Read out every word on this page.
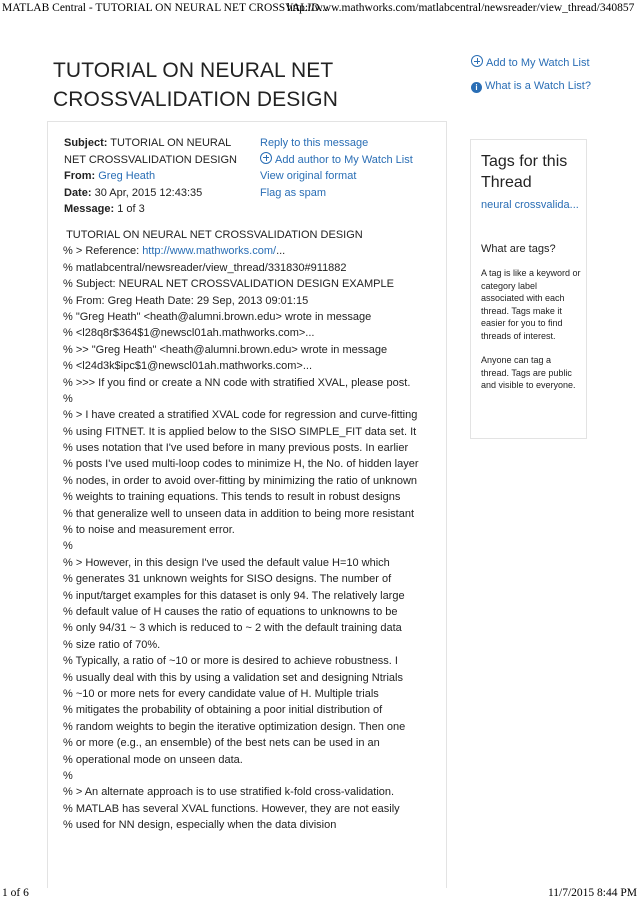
MATLAB Central - TUTORIAL ON NEURAL NET CROSSVALID...
http://www.mathworks.com/matlabcentral/newsreader/view_thread/340857
TUTORIAL ON NEURAL NET CROSSVALIDATION DESIGN
Subject: TUTORIAL ON NEURAL NET CROSSVALIDATION DESIGN
From: Greg Heath
Date: 30 Apr, 2015 12:43:35
Message: 1 of 3
Reply to this message
Add author to My Watch List
View original format
Flag as spam
TUTORIAL ON NEURAL NET CROSSVALIDATION DESIGN
% > Reference: http://www.mathworks.com/...
% matlabcentral/newsreader/view_thread/331830#911882
% Subject: NEURAL NET CROSSVALIDATION DESIGN EXAMPLE
% From: Greg Heath Date: 29 Sep, 2013 09:01:15
% "Greg Heath" <heath@alumni.brown.edu> wrote in message
% <l28q8r$364$1@newscl01ah.mathworks.com>...
% >> "Greg Heath" <heath@alumni.brown.edu> wrote in message
% <l24d3k$ipc$1@newscl01ah.mathworks.com>...
% >>> If you find or create a NN code with stratified XVAL, please post.
%
% > I have created a stratified XVAL code for regression and curve-fitting
% using FITNET. It is applied below to the SISO SIMPLE_FIT data set. It
% uses notation that I've used before in many previous posts. In earlier
% posts I've used multi-loop codes to minimize H, the No. of hidden layer
% nodes, in order to avoid over-fitting by minimizing the ratio of unknown
% weights to training equations. This tends to result in robust designs
% that generalize well to unseen data in addition to being more resistant
% to noise and measurement error.
%
% > However, in this design I've used the default value H=10 which
% generates 31 unknown weights for SISO designs. The number of
% input/target examples for this dataset is only 94. The relatively large
% default value of H causes the ratio of equations to unknowns to be
% only 94/31 ~ 3 which is reduced to ~ 2 with the default training data
% size ratio of 70%.
% Typically, a ratio of ~10 or more is desired to achieve robustness. I
% usually deal with this by using a validation set and designing Ntrials
% ~10 or more nets for every candidate value of H. Multiple trials
% mitigates the probability of obtaining a poor initial distribution of
% random weights to begin the iterative optimization design. Then one
% or more (e.g., an ensemble) of the best nets can be used in an
% operational mode on unseen data.
%
% > An alternate approach is to use stratified k-fold cross-validation.
% MATLAB has several XVAL functions. However, they are not easily
% used for NN design, especially when the data division
Add to My Watch List
i What is a Watch List?
Tags for this Thread
neural crossvalida...
What are tags?
A tag is like a keyword or category label associated with each thread. Tags make it easier for you to find threads of interest.
Anyone can tag a thread. Tags are public and visible to everyone.
1 of 6	11/7/2015 8:44 PM
